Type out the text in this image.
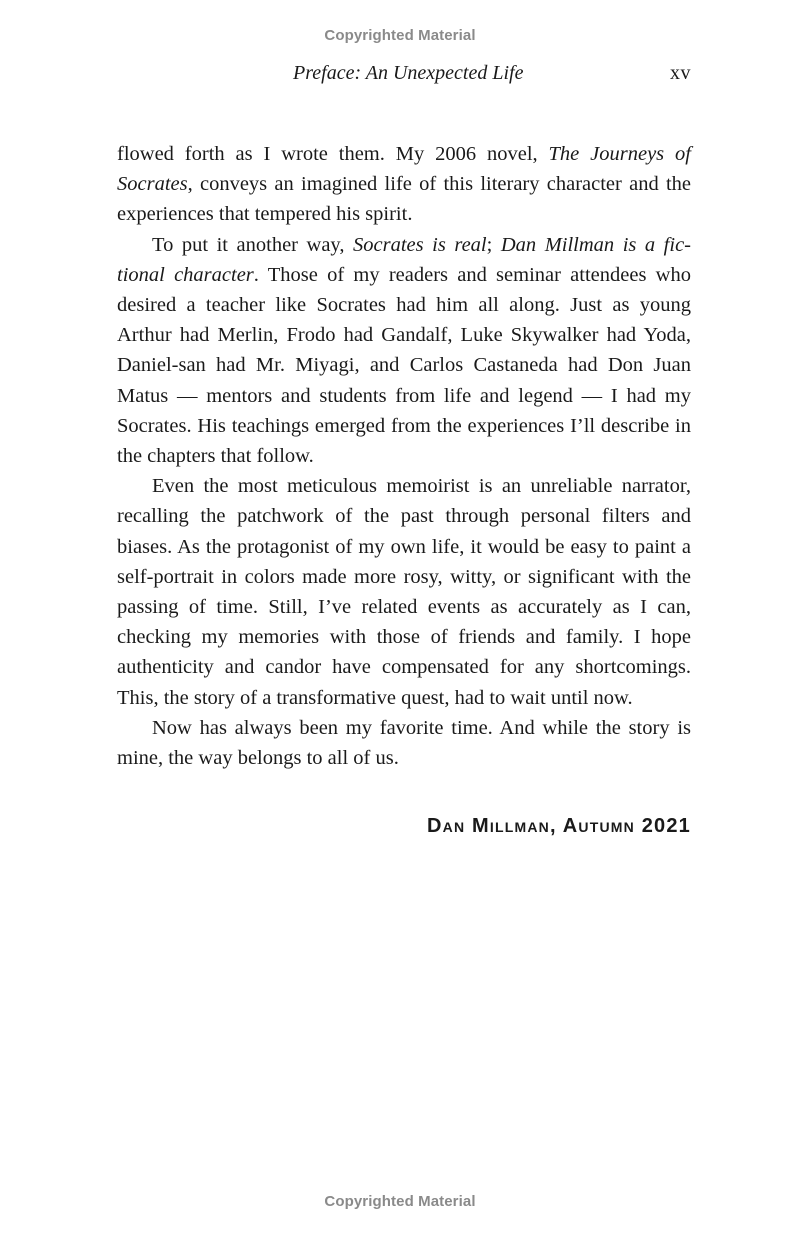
Copyrighted Material
Preface: An Unexpected Life	xv

flowed forth as I wrote them. My 2006 novel, The Journeys of Socrates, conveys an imagined life of this literary character and the experiences that tempered his spirit.

To put it another way, Socrates is real; Dan Millman is a fictional character. Those of my readers and seminar attendees who desired a teacher like Socrates had him all along. Just as young Arthur had Merlin, Frodo had Gandalf, Luke Skywalker had Yoda, Daniel-san had Mr. Miyagi, and Carlos Castaneda had Don Juan Matus — mentors and students from life and legend — I had my Socrates. His teachings emerged from the experiences I’ll describe in the chapters that follow.

Even the most meticulous memoirist is an unreliable narrator, recalling the patchwork of the past through personal filters and biases. As the protagonist of my own life, it would be easy to paint a self-portrait in colors made more rosy, witty, or significant with the passing of time. Still, I’ve related events as accurately as I can, checking my memories with those of friends and family. I hope authenticity and candor have compensated for any shortcomings. This, the story of a transformative quest, had to wait until now.

Now has always been my favorite time. And while the story is mine, the way belongs to all of us.

Dan Millman, Autumn 2021
Copyrighted Material
